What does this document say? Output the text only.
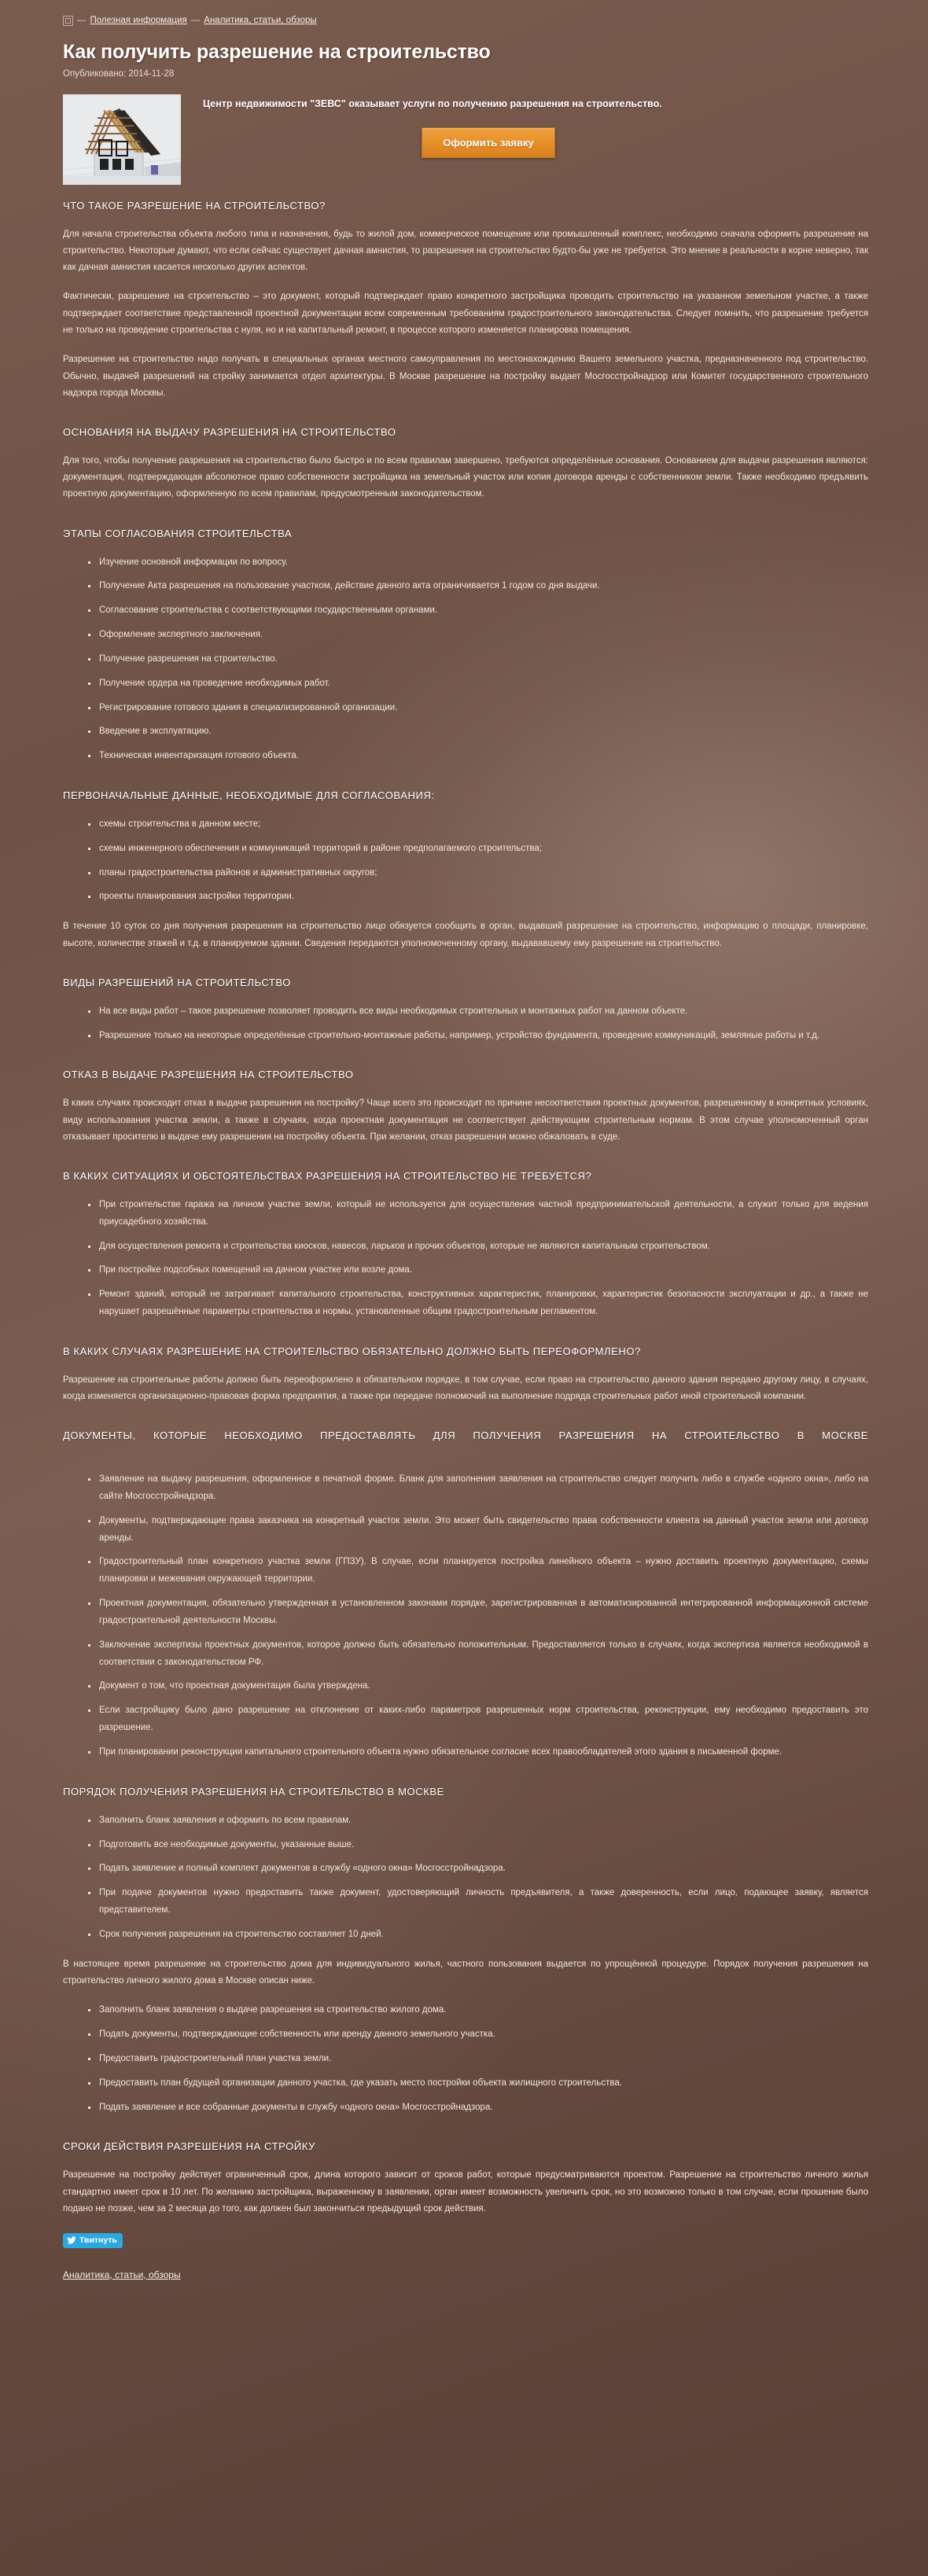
— Полезная информация — Аналитика, статьи, обзоры
Как получить разрешение на строительство
Опубликовано: 2014-11-28

Центр недвижимости "ЗЕВС" оказывает услуги по получению разрешения на строительство.

Оформить заявку
ЧТО ТАКОЕ РАЗРЕШЕНИЕ НА СТРОИТЕЛЬСТВО?

Для начала строительства объекта любого типа и назначения, будь то жилой дом, коммерческое помещение или промышленный комплекс, необходимо сначала оформить разрешение на строительство. Некоторые думают, что если сейчас существует дачная амнистия, то разрешения на строительство будто-бы уже не требуется. Это мнение в реальности в корне неверно, так как дачная амнистия касается несколько других аспектов.

Фактически, разрешение на строительство – это документ, который подтверждает право конкретного застройщика проводить строительство на указанном земельном участке, а также подтверждает соответствие представленной проектной документации всем современным требованиям градостроительного законодательства. Следует помнить, что разрешение требуется не только на проведение строительства с нуля, но и на капитальный ремонт, в процессе которого изменяется планировка помещения.

Разрешение на строительство надо получать в специальных органах местного самоуправления по местонахождению Вашего земельного участка, предназначенного под строительство. Обычно, выдачей разрешений на стройку занимается отдел архитектуры. В Москве разрешение на постройку выдает Мосгосстройнадзор или Комитет государственного строительного надзора города Москвы.

ОСНОВАНИЯ НА ВЫДАЧУ РАЗРЕШЕНИЯ НА СТРОИТЕЛЬСТВО

Для того, чтобы получение разрешения на строительство было быстро и по всем правилам завершено, требуются определённые основания. Основанием для выдачи разрешения являются: документация, подтверждающая абсолютное право собственности застройщика на земельный участок или копия договора аренды с собственником земли. Также необходимо предъявить проектную документацию, оформленную по всем правилам, предусмотренным законодательством.

ЭТАПЫ СОГЛАСОВАНИЯ СТРОИТЕЛЬСТВА
Изучение основной информации по вопросу.
Получение Акта разрешения на пользование участком, действие данного акта ограничивается 1 годом со дня выдачи.
Согласование строительства с соответствующими государственными органами.
Оформление экспертного заключения.
Получение разрешения на строительство.
Получение ордера на проведение необходимых работ.
Регистрирование готового здания в специализированной организации.
Введение в эксплуатацию.
Техническая инвентаризация готового объекта.
ПЕРВОНАЧАЛЬНЫЕ ДАННЫЕ, НЕОБХОДИМЫЕ ДЛЯ СОГЛАСОВАНИЯ:
схемы строительства в данном месте;
схемы инженерного обеспечения и коммуникаций территорий в районе предполагаемого строительства;
планы градостроительства районов и административных округов;
проекты планирования застройки территории.

В течение 10 суток со дня получения разрешения на строительство лицо обязуется сообщить в орган, выдавший разрешение на строительство, информацию о площади, планировке, высоте, количестве этажей и т.д. в планируемом здании. Сведения передаются уполномоченному органу, выдававшему ему разрешение на строительство.

ВИДЫ РАЗРЕШЕНИЙ НА СТРОИТЕЛЬСТВО
На все виды работ – такое разрешение позволяет проводить все виды необходимых строительных и монтажных работ на данном объекте.
Разрешение только на некоторые определённые строительно-монтажные работы, например, устройство фундамента, проведение коммуникаций, земляные работы и т.д.
ОТКАЗ В ВЫДАЧЕ РАЗРЕШЕНИЯ НА СТРОИТЕЛЬСТВО

В каких случаях происходит отказ в выдаче разрешения на постройку? Чаще всего это происходит по причине несоответствия проектных документов, разрешенному в конкретных условиях, виду использования участка земли, а также в случаях, когда проектная документация не соответствует действующим строительным нормам. В этом случае уполномоченный орган отказывает просителю в выдаче ему разрешения на постройку объекта. При желании, отказ разрешения можно обжаловать в суде.

В КАКИХ СИТУАЦИЯХ И ОБСТОЯТЕЛЬСТВАХ РАЗРЕШЕНИЯ НА СТРОИТЕЛЬСТВО НЕ ТРЕБУЕТСЯ?
При строительстве гаража на личном участке земли, который не используется для осуществления частной предпринимательской деятельности, а служит только для ведения приусадебного хозяйства.
Для осуществления ремонта и строительства киосков, навесов, ларьков и прочих объектов, которые не являются капитальным строительством.
При постройке подсобных помещений на дачном участке или возле дома.
Ремонт зданий, который не затрагивает капитального строительства, конструктивных характеристик, планировки, характеристик безопасности эксплуатации и др., а также не нарушает разрешённые параметры строительства и нормы, установленные общим градостроительным регламентом.
В КАКИХ СЛУЧАЯХ РАЗРЕШЕНИЕ НА СТРОИТЕЛЬСТВО ОБЯЗАТЕЛЬНО ДОЛЖНО БЫТЬ ПЕРЕОФОРМЛЕНО?

Разрешение на строительные работы должно быть переоформлено в обязательном порядке, в том случае, если право на строительство данного здания передано другому лицу, в случаях, когда изменяется организационно-правовая форма предприятия, а также при передаче полномочий на выполнение подряда строительных работ иной строительной компании.

ДОКУМЕНТЫ, КОТОРЫЕ НЕОБХОДИМО ПРЕДОСТАВЛЯТЬ ДЛЯ ПОЛУЧЕНИЯ РАЗРЕШЕНИЯ НА СТРОИТЕЛЬСТВО В МОСКВЕ
Заявление на выдачу разрешения, оформленное в печатной форме. Бланк для заполнения заявления на строительство следует получить либо в службе «одного окна», либо на сайте Мосгосстройнадзора.
Документы, подтверждающие права заказчика на конкретный участок земли. Это может быть свидетельство права собственности клиента на данный участок земли или договор аренды.
Градостроительный план конкретного участка земли (ГПЗУ). В случае, если планируется постройка линейного объекта – нужно доставить проектную документацию, схемы планировки и межевания окружающей территории.
Проектная документация, обязательно утвержденная в установленном законами порядке, зарегистрированная в автоматизированной интегрированной информационной системе градостроительной деятельности Москвы.
Заключение экспертизы проектных документов, которое должно быть обязательно положительным. Предоставляется только в случаях, когда экспертиза является необходимой в соответствии с законодательством РФ.
Документ о том, что проектная документация была утверждена.
Если застройщику было дано разрешение на отклонение от каких-либо параметров разрешенных норм строительства, реконструкции, ему необходимо предоставить это разрешение.
При планировании реконструкции капитального строительного объекта нужно обязательное согласие всех правообладателей этого здания в письменной форме.
ПОРЯДОК ПОЛУЧЕНИЯ РАЗРЕШЕНИЯ НА СТРОИТЕЛЬСТВО В МОСКВЕ
Заполнить бланк заявления и оформить по всем правилам.
Подготовить все необходимые документы, указанные выше.
Подать заявление и полный комплект документов в службу «одного окна» Мосгосстройнадзора.
При подаче документов нужно предоставить также документ, удостоверяющий личность предъявителя, а также доверенность, если лицо, подающее заявку, является представителем.
Срок получения разрешения на строительство составляет 10 дней.

В настоящее время разрешение на строительство дома для индивидуального жилья, частного пользования выдается по упрощённой процедуре. Порядок получения разрешения на строительство личного жилого дома в Москве описан ниже.

Заполнить бланк заявления о выдаче разрешения на строительство жилого дома.
Подать документы, подтверждающие собственность или аренду данного земельного участка.
Предоставить градостроительный план участка земли.
Предоставить план будущей организации данного участка, где указать место постройки объекта жилищного строительства.
Подать заявление и все собранные документы в службу «одного окна» Мосгосстройнадзора.
СРОКИ ДЕЙСТВИЯ РАЗРЕШЕНИЯ НА СТРОЙКУ

Разрешение на постройку действует ограниченный срок, длина которого зависит от сроков работ, которые предусматриваются проектом. Разрешение на строительство личного жилья стандартно имеет срок в 10 лет. По желанию застройщика, выраженному в заявлении, орган имеет возможность увеличить срок, но это возможно только в том случае, если прошение было подано не позже, чем за 2 месяца до того, как должен был закончиться предыдущий срок действия.

Твитнуть
Аналитика, статьи, обзоры
